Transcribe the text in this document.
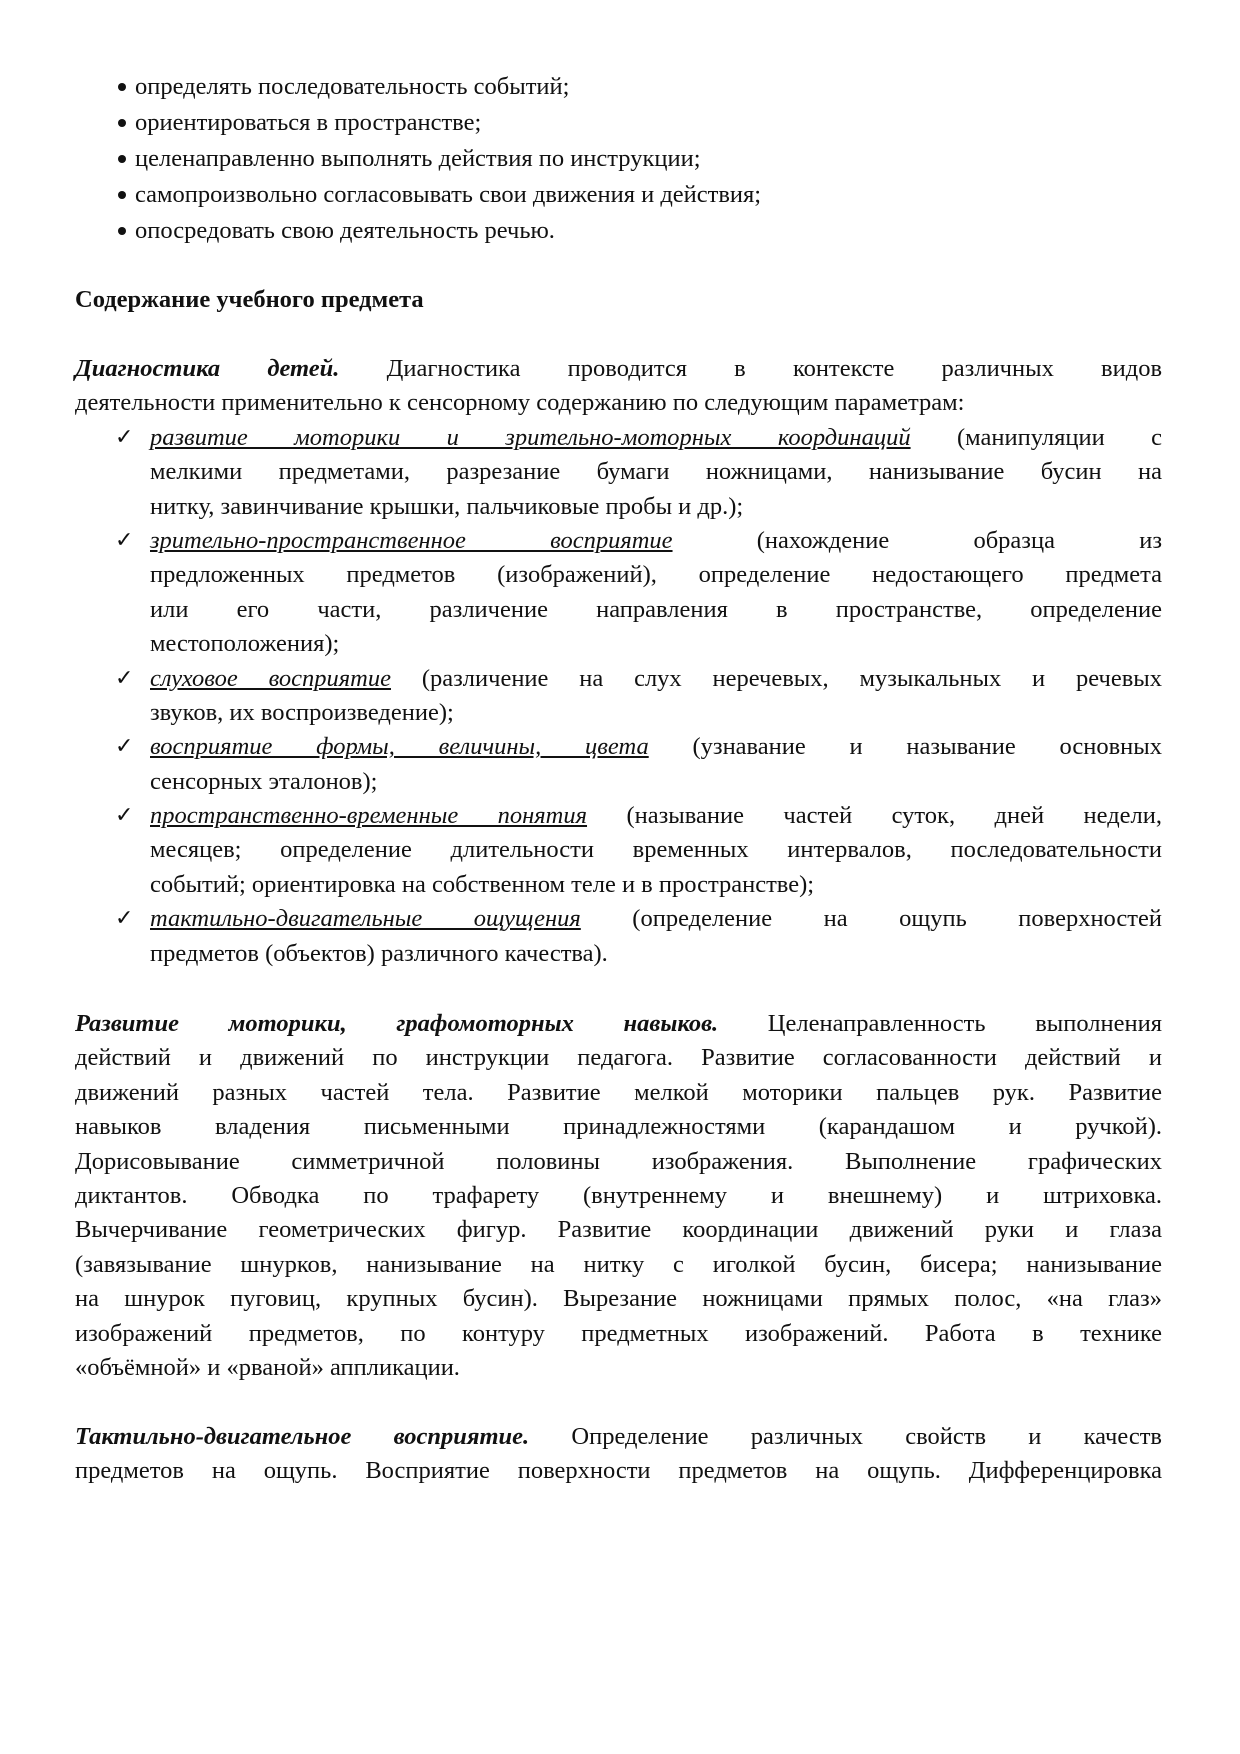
определять последовательность событий;
ориентироваться в пространстве;
целенаправленно выполнять действия по инструкции;
самопроизвольно согласовывать свои движения и действия;
опосредовать свою деятельность речью.
Содержание учебного предмета
Диагностика детей. Диагностика проводится в контексте различных видов
деятельности применительно к сенсорному содержанию по следующим параметрам:
✓ развитие моторики и зрительно-моторных координаций (манипуляции с
мелкими предметами, разрезание бумаги ножницами, нанизывание бусин на
нитку, завинчивание крышки, пальчиковые пробы и др.);
✓ зрительно-пространственное восприятие (нахождение образца из
предложенных предметов (изображений), определение недостающего предмета
или его части, различение направления в пространстве, определение
местоположения);
✓ слуховое восприятие (различение на слух неречевых, музыкальных и речевых
звуков, их воспроизведение);
✓ восприятие формы, величины, цвета (узнавание и называние основных
сенсорных эталонов);
✓ пространственно-временные понятия (называние частей суток, дней недели,
месяцев; определение длительности временных интервалов, последовательности
событий; ориентировка на собственном теле и в пространстве);
✓ тактильно-двигательные ощущения (определение на ощупь поверхностей
предметов (объектов) различного качества).
Развитие моторики, графомоторных навыков. Целенаправленность выполнения
действий и движений по инструкции педагога. Развитие согласованности действий и
движений разных частей тела. Развитие мелкой моторики пальцев рук. Развитие
навыков владения письменными принадлежностями (карандашом и ручкой).
Дорисовывание симметричной половины изображения. Выполнение графических
диктантов. Обводка по трафарету (внутреннему и внешнему) и штриховка.
Вычерчивание геометрических фигур. Развитие координации движений руки и глаза
(завязывание шнурков, нанизывание на нитку с иголкой бусин, бисера; нанизывание
на шнурок пуговиц, крупных бусин). Вырезание ножницами прямых полос, «на глаз»
изображений предметов, по контуру предметных изображений. Работа в технике
«объёмной» и «рваной» аппликации.
Тактильно-двигательное восприятие. Определение различных свойств и качеств
предметов на ощупь. Восприятие поверхности предметов на ощупь. Дифференцировка
